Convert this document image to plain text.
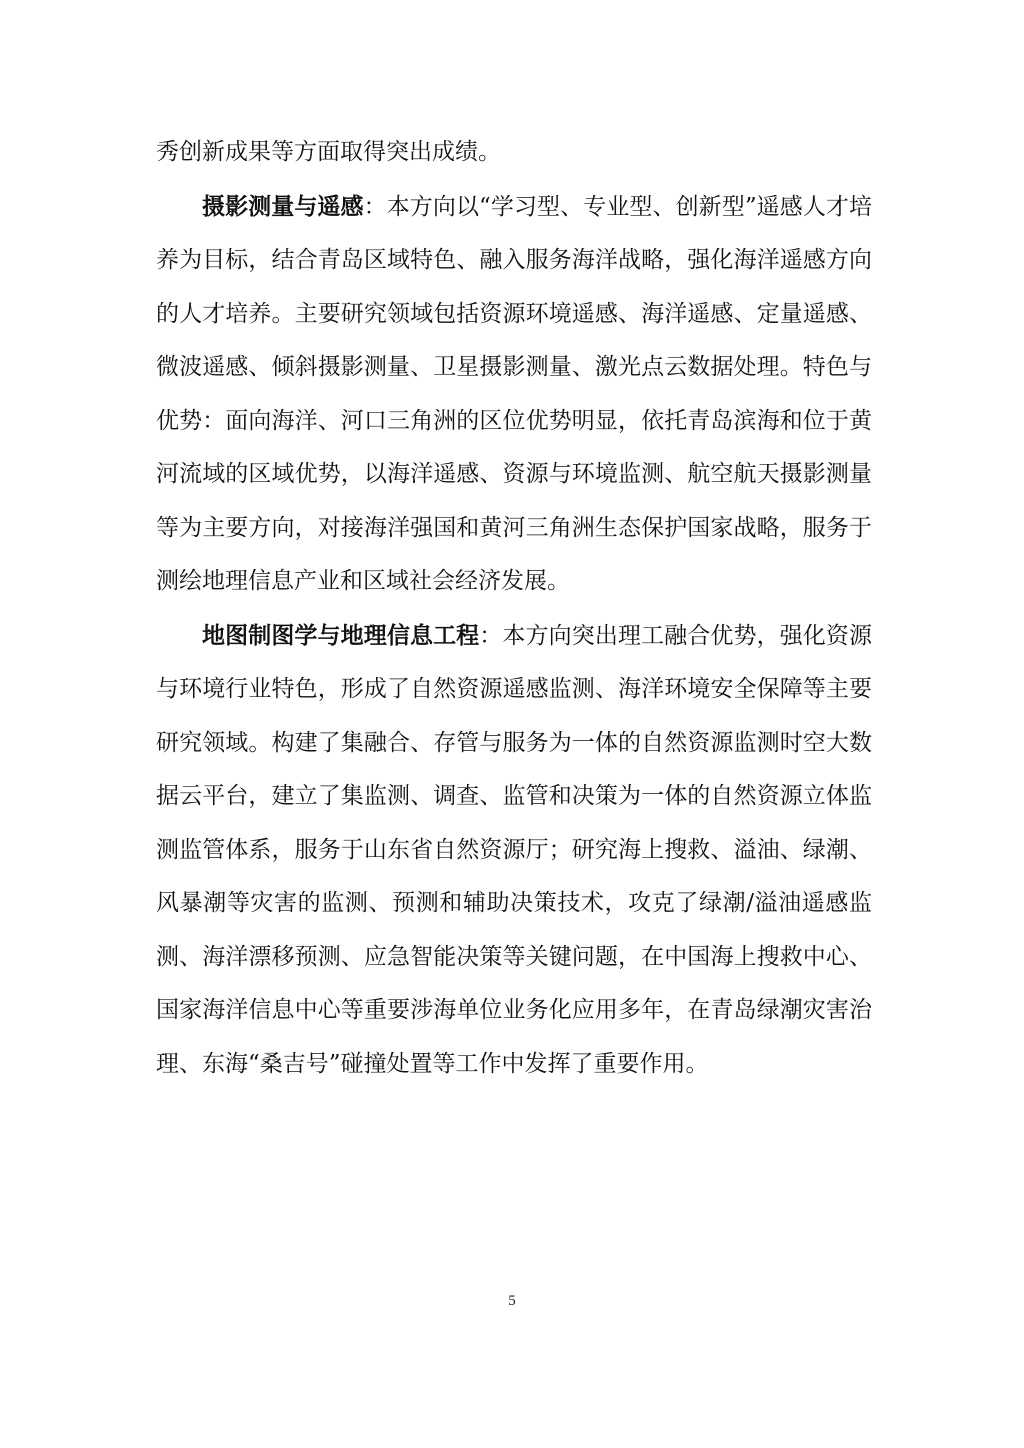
秀创新成果等方面取得突出成绩。

摄影测量与遥感：本方向以“学习型、专业型、创新型”遥感人才培养为目标，结合青岛区域特色、融入服务海洋战略，强化海洋遥感方向的人才培养。主要研究领域包括资源环境遥感、海洋遥感、定量遥感、微波遥感、倾斜摄影测量、卫星摄影测量、激光点云数据处理。特色与优势：面向海洋、河口三角洲的区位优势明显，依托青岛滨海和位于黄河流域的区域优势，以海洋遥感、资源与环境监测、航空航天摄影测量等为主要方向，对接海洋强国和黄河三角洲生态保护国家战略，服务于测绘地理信息产业和区域社会经济发展。

地图制图学与地理信息工程：本方向突出理工融合优势，强化资源与环境行业特色，形成了自然资源遥感监测、海洋环境安全保障等主要研究领域。构建了集融合、存管与服务为一体的自然资源监测时空大数据云平台，建立了集监测、调查、监管和决策为一体的自然资源立体监测监管体系，服务于山东省自然资源厅；研究海上搜救、溢油、绿潮、风暴潮等灾害的监测、预测和辅助决策技术，攻克了绿潮/溢油遥感监测、海洋漂移预测、应急智能决策等关键问题，在中国海上搜救中心、国家海洋信息中心等重要涉海单位业务化应用多年，在青岛绿潮灾害治理、东海“桑吉号”碰撞处置等工作中发挥了重要作用。

5
